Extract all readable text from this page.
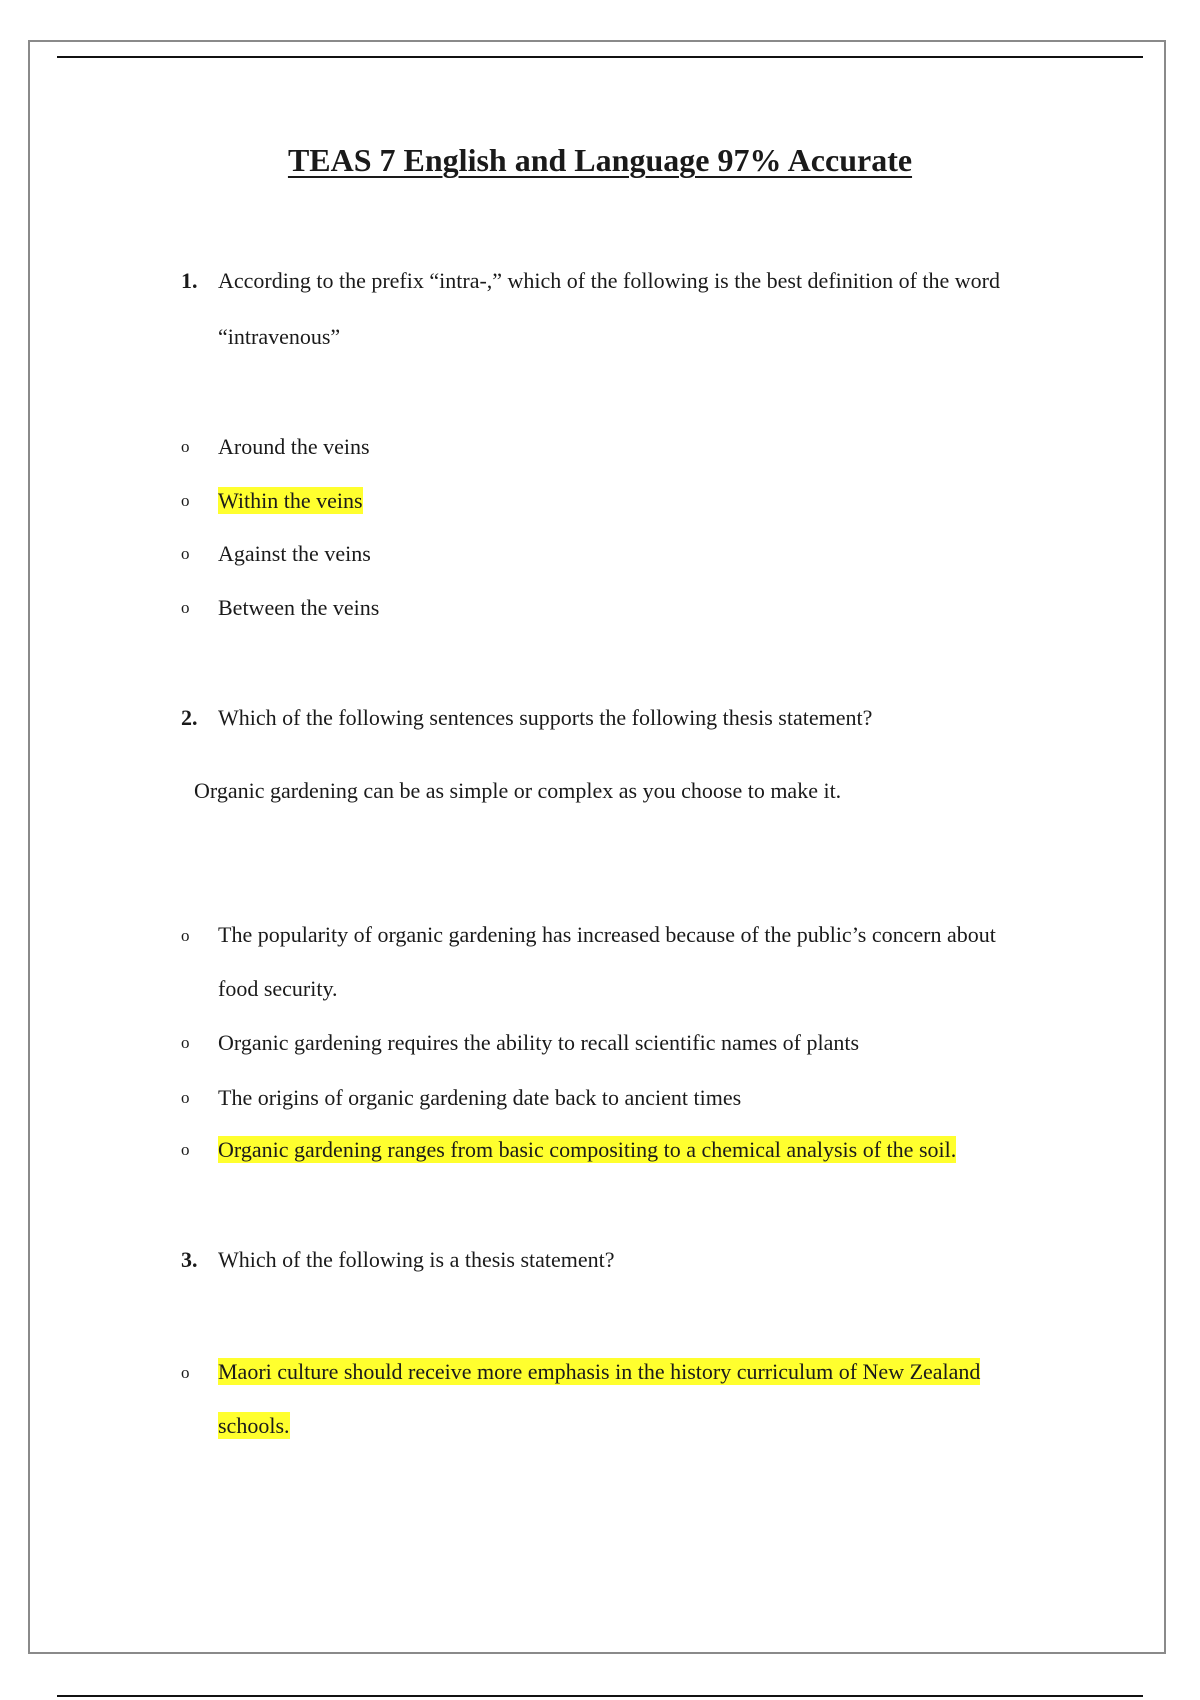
TEAS 7 English and Language 97% Accurate
1. According to the prefix “intra-,” which of the following is the best definition of the word “intravenous”
o	Around the veins
o	Within the veins
o	Against the veins
o	Between the veins
2. Which of the following sentences supports the following thesis statement?
Organic gardening can be as simple or complex as you choose to make it.
o	The popularity of organic gardening has increased because of the public’s concern about food security.
o	Organic gardening requires the ability to recall scientific names of plants
o	The origins of organic gardening date back to ancient times
o	Organic gardening ranges from basic compositing to a chemical analysis of the soil.
3. Which of the following is a thesis statement?
o	Maori culture should receive more emphasis in the history curriculum of New Zealand schools.
